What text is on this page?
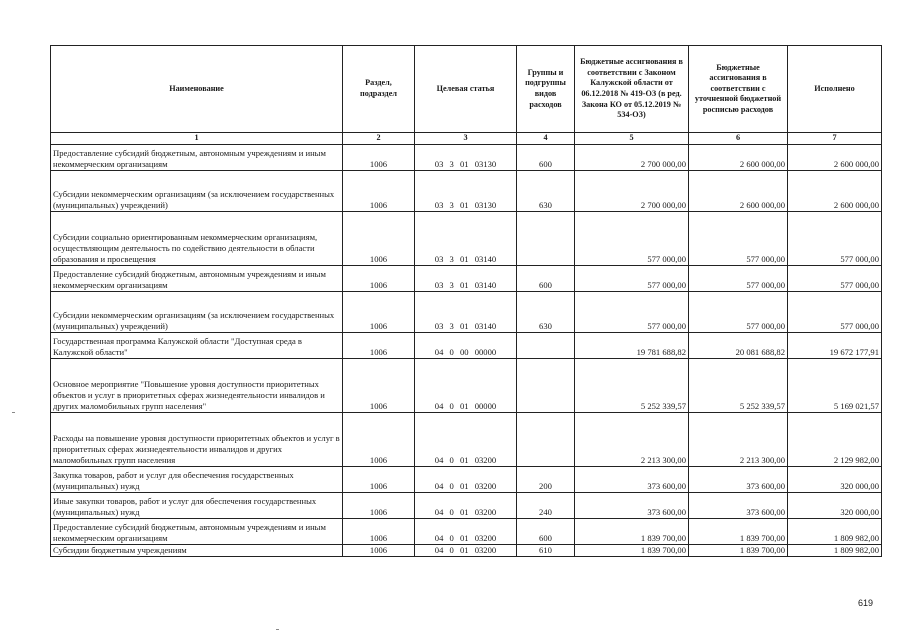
Наименование	Раздел, подраздел	Целевая статья	Группы и подгруппы видов расходов	Бюджетные ассигнования в соответствии с Законом Калужской области от 06.12.2018 № 419-ОЗ (в ред. Закона КО от 05.12.2019 № 534-ОЗ)	Бюджетные ассигнования в соответствии с уточненной бюджетной росписью расходов	Исполнено
1	2	3	4	5	6	7
Предоставление субсидий бюджетным, автономным учреждениям и иным некоммерческим организациям	1006	03 3 01 03130	600	2 700 000,00	2 600 000,00	2 600 000,00
Субсидии некоммерческим организациям (за исключением государственных (муниципальных) учреждений)	1006	03 3 01 03130	630	2 700 000,00	2 600 000,00	2 600 000,00
Субсидии социально ориентированным некоммерческим организациям, осуществляющим деятельность по содействию деятельности в области образования и просвещения	1006	03 3 01 03140		577 000,00	577 000,00	577 000,00
Предоставление субсидий бюджетным, автономным учреждениям и иным некоммерческим организациям	1006	03 3 01 03140	600	577 000,00	577 000,00	577 000,00
Субсидии некоммерческим организациям (за исключением государственных (муниципальных) учреждений)	1006	03 3 01 03140	630	577 000,00	577 000,00	577 000,00
Государственная программа Калужской области "Доступная среда в Калужской области"	1006	04 0 00 00000		19 781 688,82	20 081 688,82	19 672 177,91
Основное мероприятие "Повышение уровня доступности приоритетных объектов и услуг в приоритетных сферах жизнедеятельности инвалидов и других маломобильных групп населения"	1006	04 0 01 00000		5 252 339,57	5 252 339,57	5 169 021,57
Расходы на повышение уровня доступности приоритетных объектов и услуг в приоритетных сферах жизнедеятельности инвалидов и других маломобильных групп населения	1006	04 0 01 03200		2 213 300,00	2 213 300,00	2 129 982,00
Закупка товаров, работ и услуг для обеспечения государственных (муниципальных) нужд	1006	04 0 01 03200	200	373 600,00	373 600,00	320 000,00
Иные закупки товаров, работ и услуг для обеспечения государственных (муниципальных) нужд	1006	04 0 01 03200	240	373 600,00	373 600,00	320 000,00
Предоставление субсидий бюджетным, автономным учреждениям и иным некоммерческим организациям	1006	04 0 01 03200	600	1 839 700,00	1 839 700,00	1 809 982,00
Субсидии бюджетным учреждениям	1006	04 0 01 03200	610	1 839 700,00	1 839 700,00	1 809 982,00
619
